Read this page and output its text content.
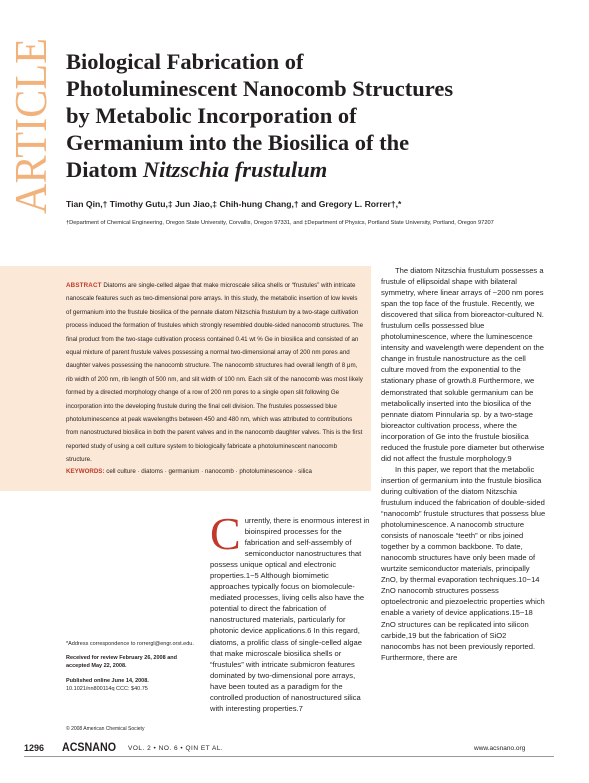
ARTICLE Biological Fabrication of
Photoluminescent Nanocomb Structures
by Metabolic Incorporation of
Germanium into the Biosilica of the
Diatom Nitzschia frustulum
Tian Qin,† Timothy Gutu,‡ Jun Jiao,‡ Chih-hung Chang,† and Gregory L. Rorrer†,*
†Department of Chemical Engineering, Oregon State University, Corvallis, Oregon 97331, and ‡Department of Physics, Portland State University, Portland, Oregon 97207
ABSTRACT Diatoms are single-celled algae that make microscale silica shells or “frustules” with intricate nanoscale features such as two-dimensional pore arrays. In this study, the metabolic insertion of low levels of germanium into the frustule biosilica of the pennate diatom Nitzschia frustulum by a two-stage cultivation process induced the formation of frustules which strongly resembled double-sided nanocomb structures. The final product from the two-stage cultivation process contained 0.41 wt % Ge in biosilica and consisted of an equal mixture of parent frustule valves possessing a normal two-dimensional array of 200 nm pores and daughter valves possessing the nanocomb structure. The nanocomb structures had overall length of 8 μm, rib width of 200 nm, rib length of 500 nm, and slit width of 100 nm. Each slit of the nanocomb was most likely formed by a directed morphology change of a row of 200 nm pores to a single open slit following Ge incorporation into the developing frustule during the final cell division. The frustules possessed blue photoluminescence at peak wavelengths between 450 and 480 nm, which was attributed to contributions from nanostructured biosilica in both the parent valves and in the nanocomb daughter valves. This is the first reported study of using a cell culture system to biologically fabricate a photoluminescent nanocomb structure.
KEYWORDS: cell culture · diatoms · germanium · nanocomb · photoluminescence · silica

*Address correspondence to rorrergl@engr.orst.edu.

Received for review February 26, 2008 and accepted May 22, 2008.

Published online June 14, 2008.
10.1021/nn800114q CCC: $40.75

© 2008 American Chemical Society
C urrently, there is enormous interest in bioinspired processes for the fabrication and self-assembly of semiconductor nanostructures that possess unique optical and electronic properties.1−5 Although biomimetic approaches typically focus on biomolecule-mediated processes, living cells also have the potential to direct the fabrication of nanostructured materials, particularly for photonic device applications.6 In this regard, diatoms, a prolific class of single-celled algae that make microscale biosilica shells or “frustules” with intricate submicron features dominated by two-dimensional pore arrays, have been touted as a paradigm for the controlled production of nanostructured silica with interesting properties.7

The diatom Nitzschia frustulum possesses a frustule of ellipsoidal shape with bilateral symmetry, where linear arrays of ~200 nm pores span the top face of the frustule. Recently, we discovered that silica from bioreactor-cultured N. frustulum cells possessed blue photoluminescence, where the luminescence intensity and wavelength were dependent on the change in frustule nanostructure as the cell culture moved from the exponential to the stationary phase of growth.8 Furthermore, we demonstrated that soluble germanium can be metabolically inserted into the biosilica of the pennate diatom Pinnularia sp. by a two-stage bioreactor cultivation process, where the incorporation of Ge into the frustule biosilica reduced the frustule pore diameter but otherwise did not affect the frustule morphology.9

In this paper, we report that the metabolic insertion of germanium into the frustule biosilica during cultivation of the diatom Nitzschia frustulum induced the fabrication of double-sided “nanocomb” frustule structures that possess blue photoluminescence. A nanocomb structure consists of nanoscale “teeth” or ribs joined together by a common backbone. To date, nanocomb structures have only been made of wurtzite semiconductor materials, principally ZnO, by thermal evaporation techniques.10−14 ZnO nanocomb structures possess optoelectronic and piezoelectric properties which enable a variety of device applications.15−18 ZnO structures can be replicated into silicon carbide,19 but the fabrication of SiO2 nanocombs has not been previously reported. Furthermore, there are

1296 ACSNANO VOL. 2 • NO. 6 • QIN ET AL.	www.acsnano.org
